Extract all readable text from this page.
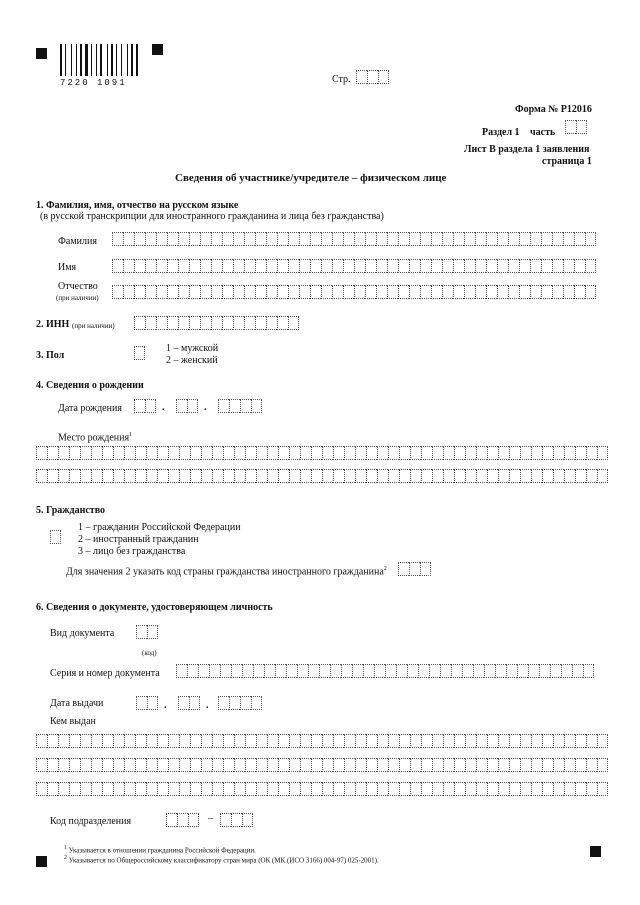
7220 1091	Стр.
Форма № Р12016
Раздел 1 часть
Лист В раздела 1 заявления
страница 1
Сведения об участнике/учредителе – физическом лице
1. Фамилия, имя, отчество на русском языке
(в русской транскрипции для иностранного гражданина и лица без гражданства)
Фамилия
Имя
Отчество
(при наличии)
2. ИНН (при наличии)
3. Пол
1 – мужской
2 – женский
4. Сведения о рождении
Дата рождения	.	.
Место рождения$^1$
5. Гражданство
1 – гражданин Российской Федерации
2 – иностранный гражданин
3 – лицо без гражданства
Для значения 2 указать код страны гражданства иностранного гражданина$^2$
6. Сведения о документе, удостоверяющем личность
Вид документа
(код)
Серия и номер документа
Дата выдачи	.	.
Кем выдан
Код подразделения	–
$^1$ Указывается в отношении гражданина Российской Федерации.
$^2$ Указывается по Общероссийскому классификатору стран мира (ОК (МК (ИСО 3166) 004-97) 025-2001).
